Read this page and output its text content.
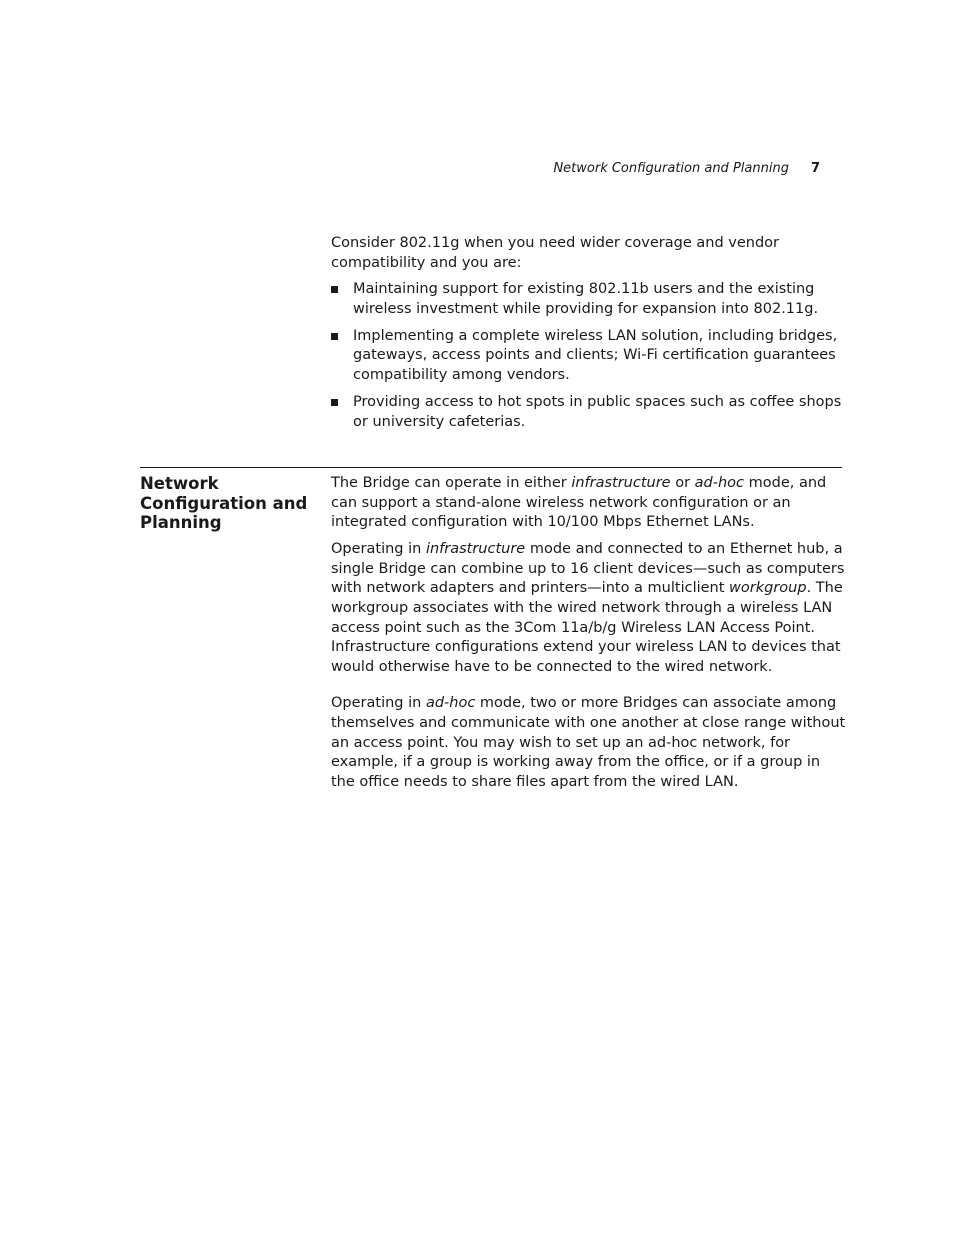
Network Configuration and Planning 7

Consider 802.11g when you need wider coverage and vendor compatibility and you are:

Maintaining support for existing 802.11b users and the existing wireless investment while providing for expansion into 802.11g.
Implementing a complete wireless LAN solution, including bridges, gateways, access points and clients; Wi-Fi certification guarantees compatibility among vendors.
Providing access to hot spots in public spaces such as coffee shops or university cafeterias.
Network Configuration and Planning

The Bridge can operate in either infrastructure or ad-hoc mode, and can support a stand-alone wireless network configuration or an integrated configuration with 10/100 Mbps Ethernet LANs.

Operating in infrastructure mode and connected to an Ethernet hub, a single Bridge can combine up to 16 client devices—such as computers with network adapters and printers—into a multiclient workgroup. The workgroup associates with the wired network through a wireless LAN access point such as the 3Com 11a/b/g Wireless LAN Access Point. Infrastructure configurations extend your wireless LAN to devices that would otherwise have to be connected to the wired network.

Operating in ad-hoc mode, two or more Bridges can associate among themselves and communicate with one another at close range without an access point. You may wish to set up an ad-hoc network, for example, if a group is working away from the office, or if a group in the office needs to share files apart from the wired LAN.
